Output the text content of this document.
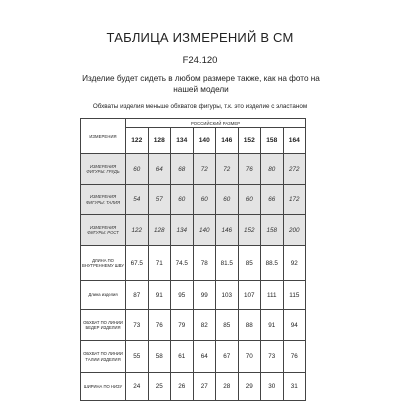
ТАБЛИЦА ИЗМЕРЕНИЙ В СМ
F24.120
Изделие будет сидеть в любом размере также, как на фото на нашей модели
Обхваты изделия меньше обхватов фигуры, т.к. это изделие с эластаном
ИЗМЕРЕНИЯ	РОССИЙСКИЙ РАЗМЕР							
	122	128	134	140	146	152	158	164
ИЗМЕРЕНИЯ ФИГУРЫ: ГРУДЬ	60	64	68	72	72	76	80	272
ИЗМЕРЕНИЯ ФИГУРЫ: ТАЛИЯ	54	57	60	60	60	60	66	172
ИЗМЕРЕНИЯ ФИГУРЫ: РОСТ	122	128	134	140	146	152	158	200
ДЛИНА ПО ВНУТРЕННЕМУ ШВУ	67.5	71	74.5	78	81.5	85	88.5	92
Длина изделия	87	91	95	99	103	107	111	115
ОБХВАТ ПО ЛИНИИ БЕДЕР ИЗДЕЛИЯ	73	76	79	82	85	88	91	94
ОБХВАТ ПО ЛИНИИ ТАЛИИ ИЗДЕЛИЯ	55	58	61	64	67	70	73	76
ШИРИНА ПО НИЗУ	24	25	26	27	28	29	30	31
